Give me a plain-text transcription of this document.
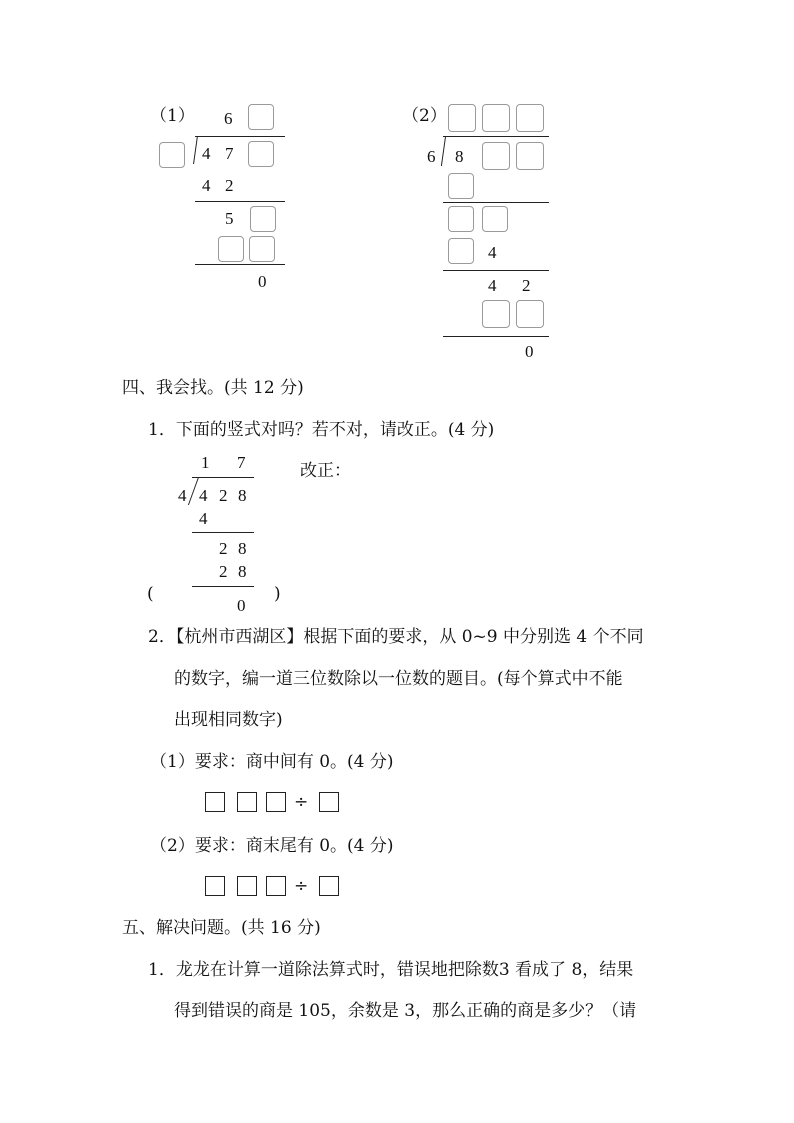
（1） 6
4 7
4 2
5
0
（2）
6 8
4
4 2
0
四、我会找。(共 12 分)
1．下面的竖式对吗？若不对，请改正。(4 分)
1 7
4 4 2 8
4
2 8
2 8
0
(	)
改正：
2．【杭州市西湖区】根据下面的要求，从 0~9 中分别选 4 个不同
的数字，编一道三位数除以一位数的题目。(每个算式中不能
出现相同数字)
（1）要求：商中间有 0。(4 分)
÷
（2）要求：商末尾有 0。(4 分)
÷
五、解决问题。(共 16 分)
1．龙龙在计算一道除法算式时，错误地把除数3 看成了 8，结果
得到错误的商是 105，余数是 3，那么正确的商是多少？（请
